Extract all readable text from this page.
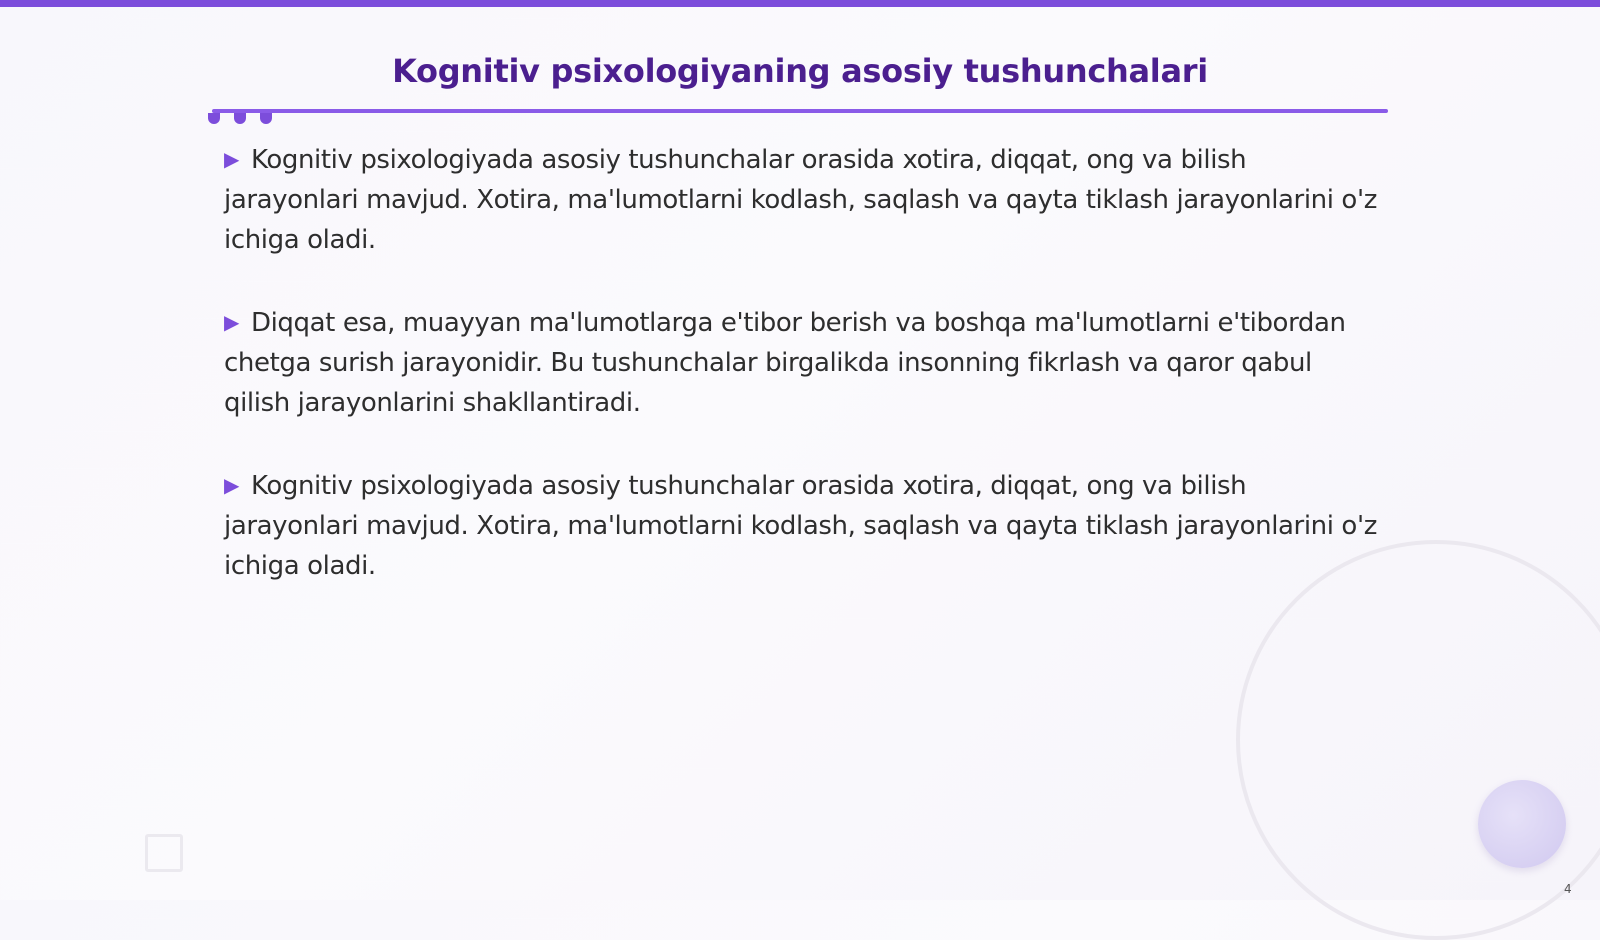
Kognitiv psixologiyaning asosiy tushunchalari

▶ Kognitiv psixologiyada asosiy tushunchalar orasida xotira, diqqat, ong va bilish jarayonlari mavjud. Xotira, ma'lumotlarni kodlash, saqlash va qayta tiklash jarayonlarini o'z ichiga oladi.

▶ Diqqat esa, muayyan ma'lumotlarga e'tibor berish va boshqa ma'lumotlarni e'tibordan chetga surish jarayonidir. Bu tushunchalar birgalikda insonning fikrlash va qaror qabul qilish jarayonlarini shakllantiradi.

▶ Kognitiv psixologiyada asosiy tushunchalar orasida xotira, diqqat, ong va bilish jarayonlari mavjud. Xotira, ma'lumotlarni kodlash, saqlash va qayta tiklash jarayonlarini o'z ichiga oladi.

4
